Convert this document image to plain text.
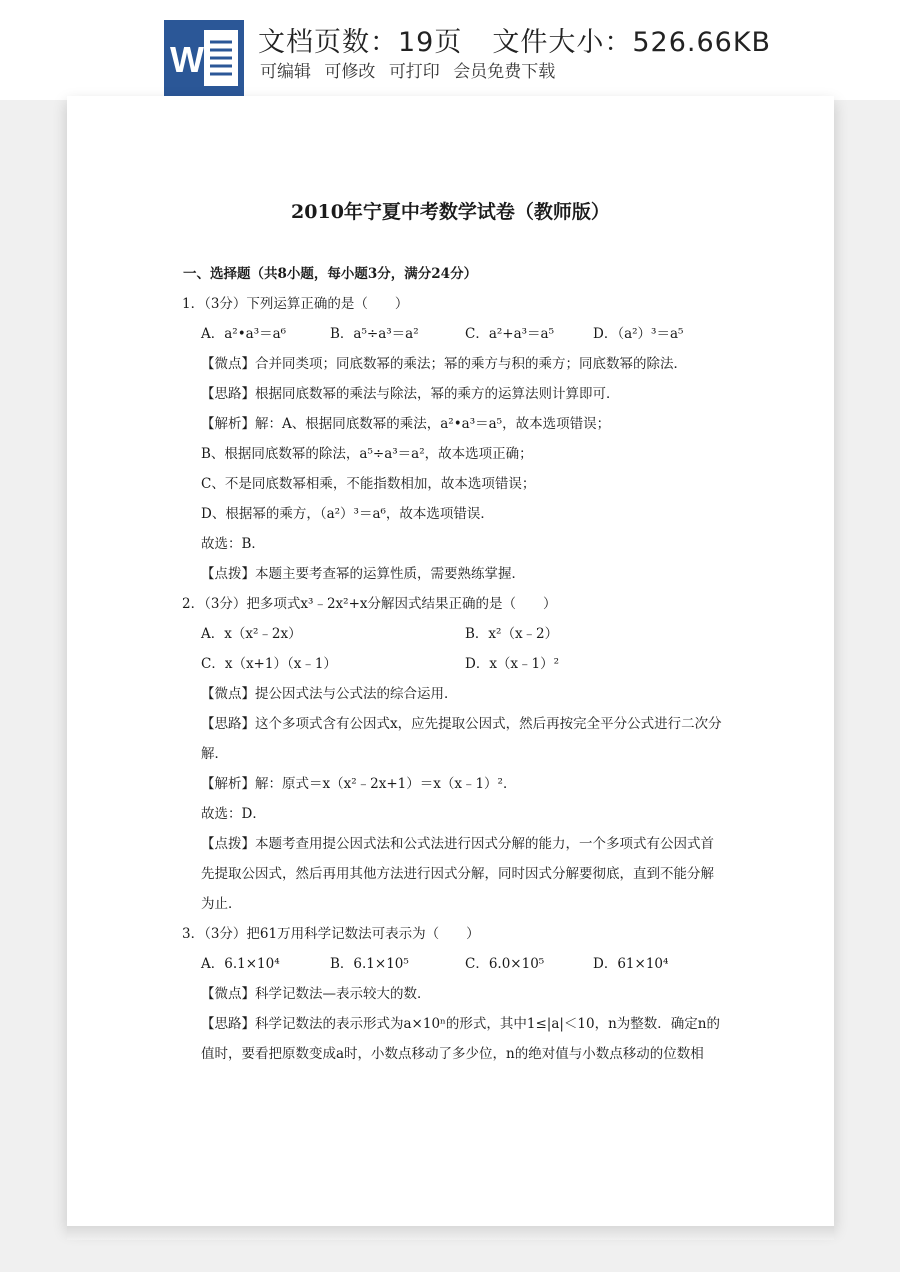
W 文档页数：19页 文件大小：526.66KB
可编辑 可修改 可打印 会员免费下载
2010年宁夏中考数学试卷（教师版）
一、选择题（共8小题，每小题3分，满分24分）
1．（3分）下列运算正确的是（　　）
A．a²•a³＝a⁶	B．a⁵÷a³＝a²	C．a²+a³＝a⁵	D．（a²）³＝a⁵
【微点】合并同类项；同底数幂的乘法；幂的乘方与积的乘方；同底数幂的除法．
【思路】根据同底数幂的乘法与除法，幂的乘方的运算法则计算即可．
【解析】解：A、根据同底数幂的乘法，a²•a³＝a⁵，故本选项错误；
B、根据同底数幂的除法，a⁵÷a³＝a²，故本选项正确；
C、不是同底数幂相乘，不能指数相加，故本选项错误；
D、根据幂的乘方，（a²）³＝a⁶，故本选项错误．
故选：B．
【点拨】本题主要考查幂的运算性质，需要熟练掌握．
2．（3分）把多项式x³﹣2x²+x分解因式结果正确的是（　　）
A．x（x²﹣2x）	B．x²（x﹣2）
C．x（x+1）（x﹣1）	D．x（x﹣1）²
【微点】提公因式法与公式法的综合运用．
【思路】这个多项式含有公因式x，应先提取公因式，然后再按完全平分公式进行二次分
解．
【解析】解：原式＝x（x²﹣2x+1）＝x（x﹣1）²．
故选：D．
【点拨】本题考查用提公因式法和公式法进行因式分解的能力，一个多项式有公因式首
先提取公因式，然后再用其他方法进行因式分解，同时因式分解要彻底，直到不能分解
为止．
3．（3分）把61万用科学记数法可表示为（　　）
A．6.1×10⁴	B．6.1×10⁵	C．6.0×10⁵	D．61×10⁴
【微点】科学记数法—表示较大的数．
【思路】科学记数法的表示形式为a×10ⁿ的形式，其中1≤|a|＜10，n为整数．确定n的
值时，要看把原数变成a时，小数点移动了多少位，n的绝对值与小数点移动的位数相
